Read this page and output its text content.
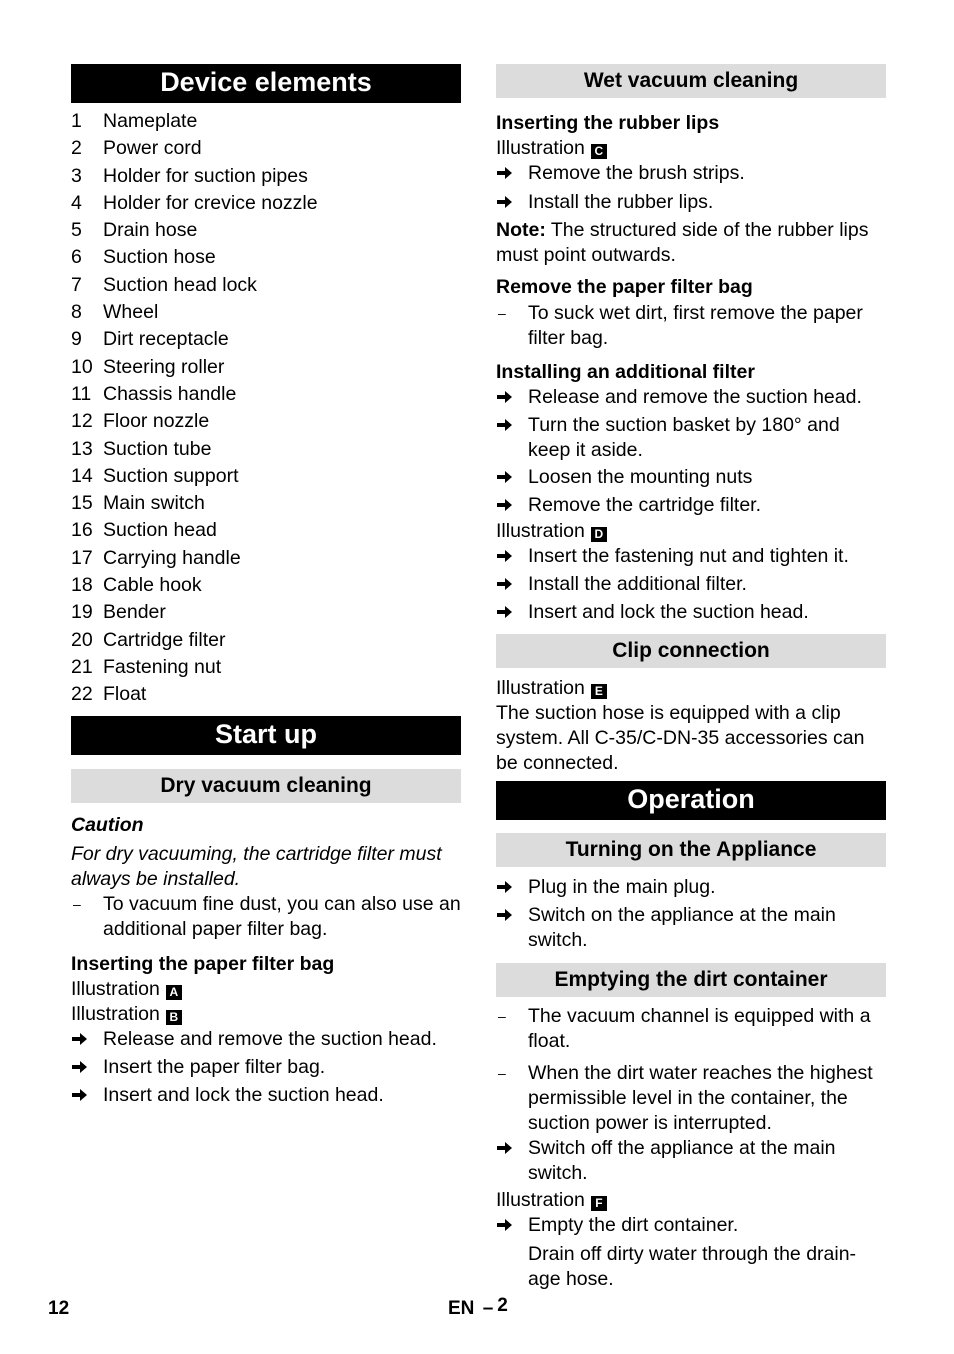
Device elements
1	Nameplate
2	Power cord
3	Holder for suction pipes
4	Holder for crevice nozzle
5	Drain hose
6	Suction hose
7	Suction head lock
8	Wheel
9	Dirt receptacle
10 Steering roller
11 Chassis handle
12 Floor nozzle
13 Suction tube
14 Suction support
15 Main switch
16 Suction head
17 Carrying handle
18 Cable hook
19 Bender
20 Cartridge filter
21 Fastening nut
22 Float
Start up
Dry vacuum cleaning
Caution
For dry vacuuming, the cartridge filter must always be installed.
–	To vacuum fine dust, you can also use an additional paper filter bag.
Inserting the paper filter bag
Illustration A
Illustration B
Release and remove the suction head.
Insert the paper filter bag.
Insert and lock the suction head.
Wet vacuum cleaning
Inserting the rubber lips
Illustration C
Remove the brush strips.
Install the rubber lips.
Note: The structured side of the rubber lips must point outwards.
Remove the paper filter bag
–	To suck wet dirt, first remove the paper filter bag.
Installing an additional filter
Release and remove the suction head.
Turn the suction basket by 180° and keep it aside.
Loosen the mounting nuts
Remove the cartridge filter.
Illustration D
Insert the fastening nut and tighten it.
Install the additional filter.
Insert and lock the suction head.
Clip connection
Illustration E
The suction hose is equipped with a clip system. All C-35/C-DN-35 accessories can be connected.
Operation
Turning on the Appliance
Plug in the main plug.
Switch on the appliance at the main switch.
Emptying the dirt container
–	The vacuum channel is equipped with a float.
–	When the dirt water reaches the highest permissible level in the container, the suction power is interrupted.
Switch off the appliance at the main switch.
Illustration F
Empty the dirt container.
Drain off dirty water through the drain-age hose.
12	EN – 2
